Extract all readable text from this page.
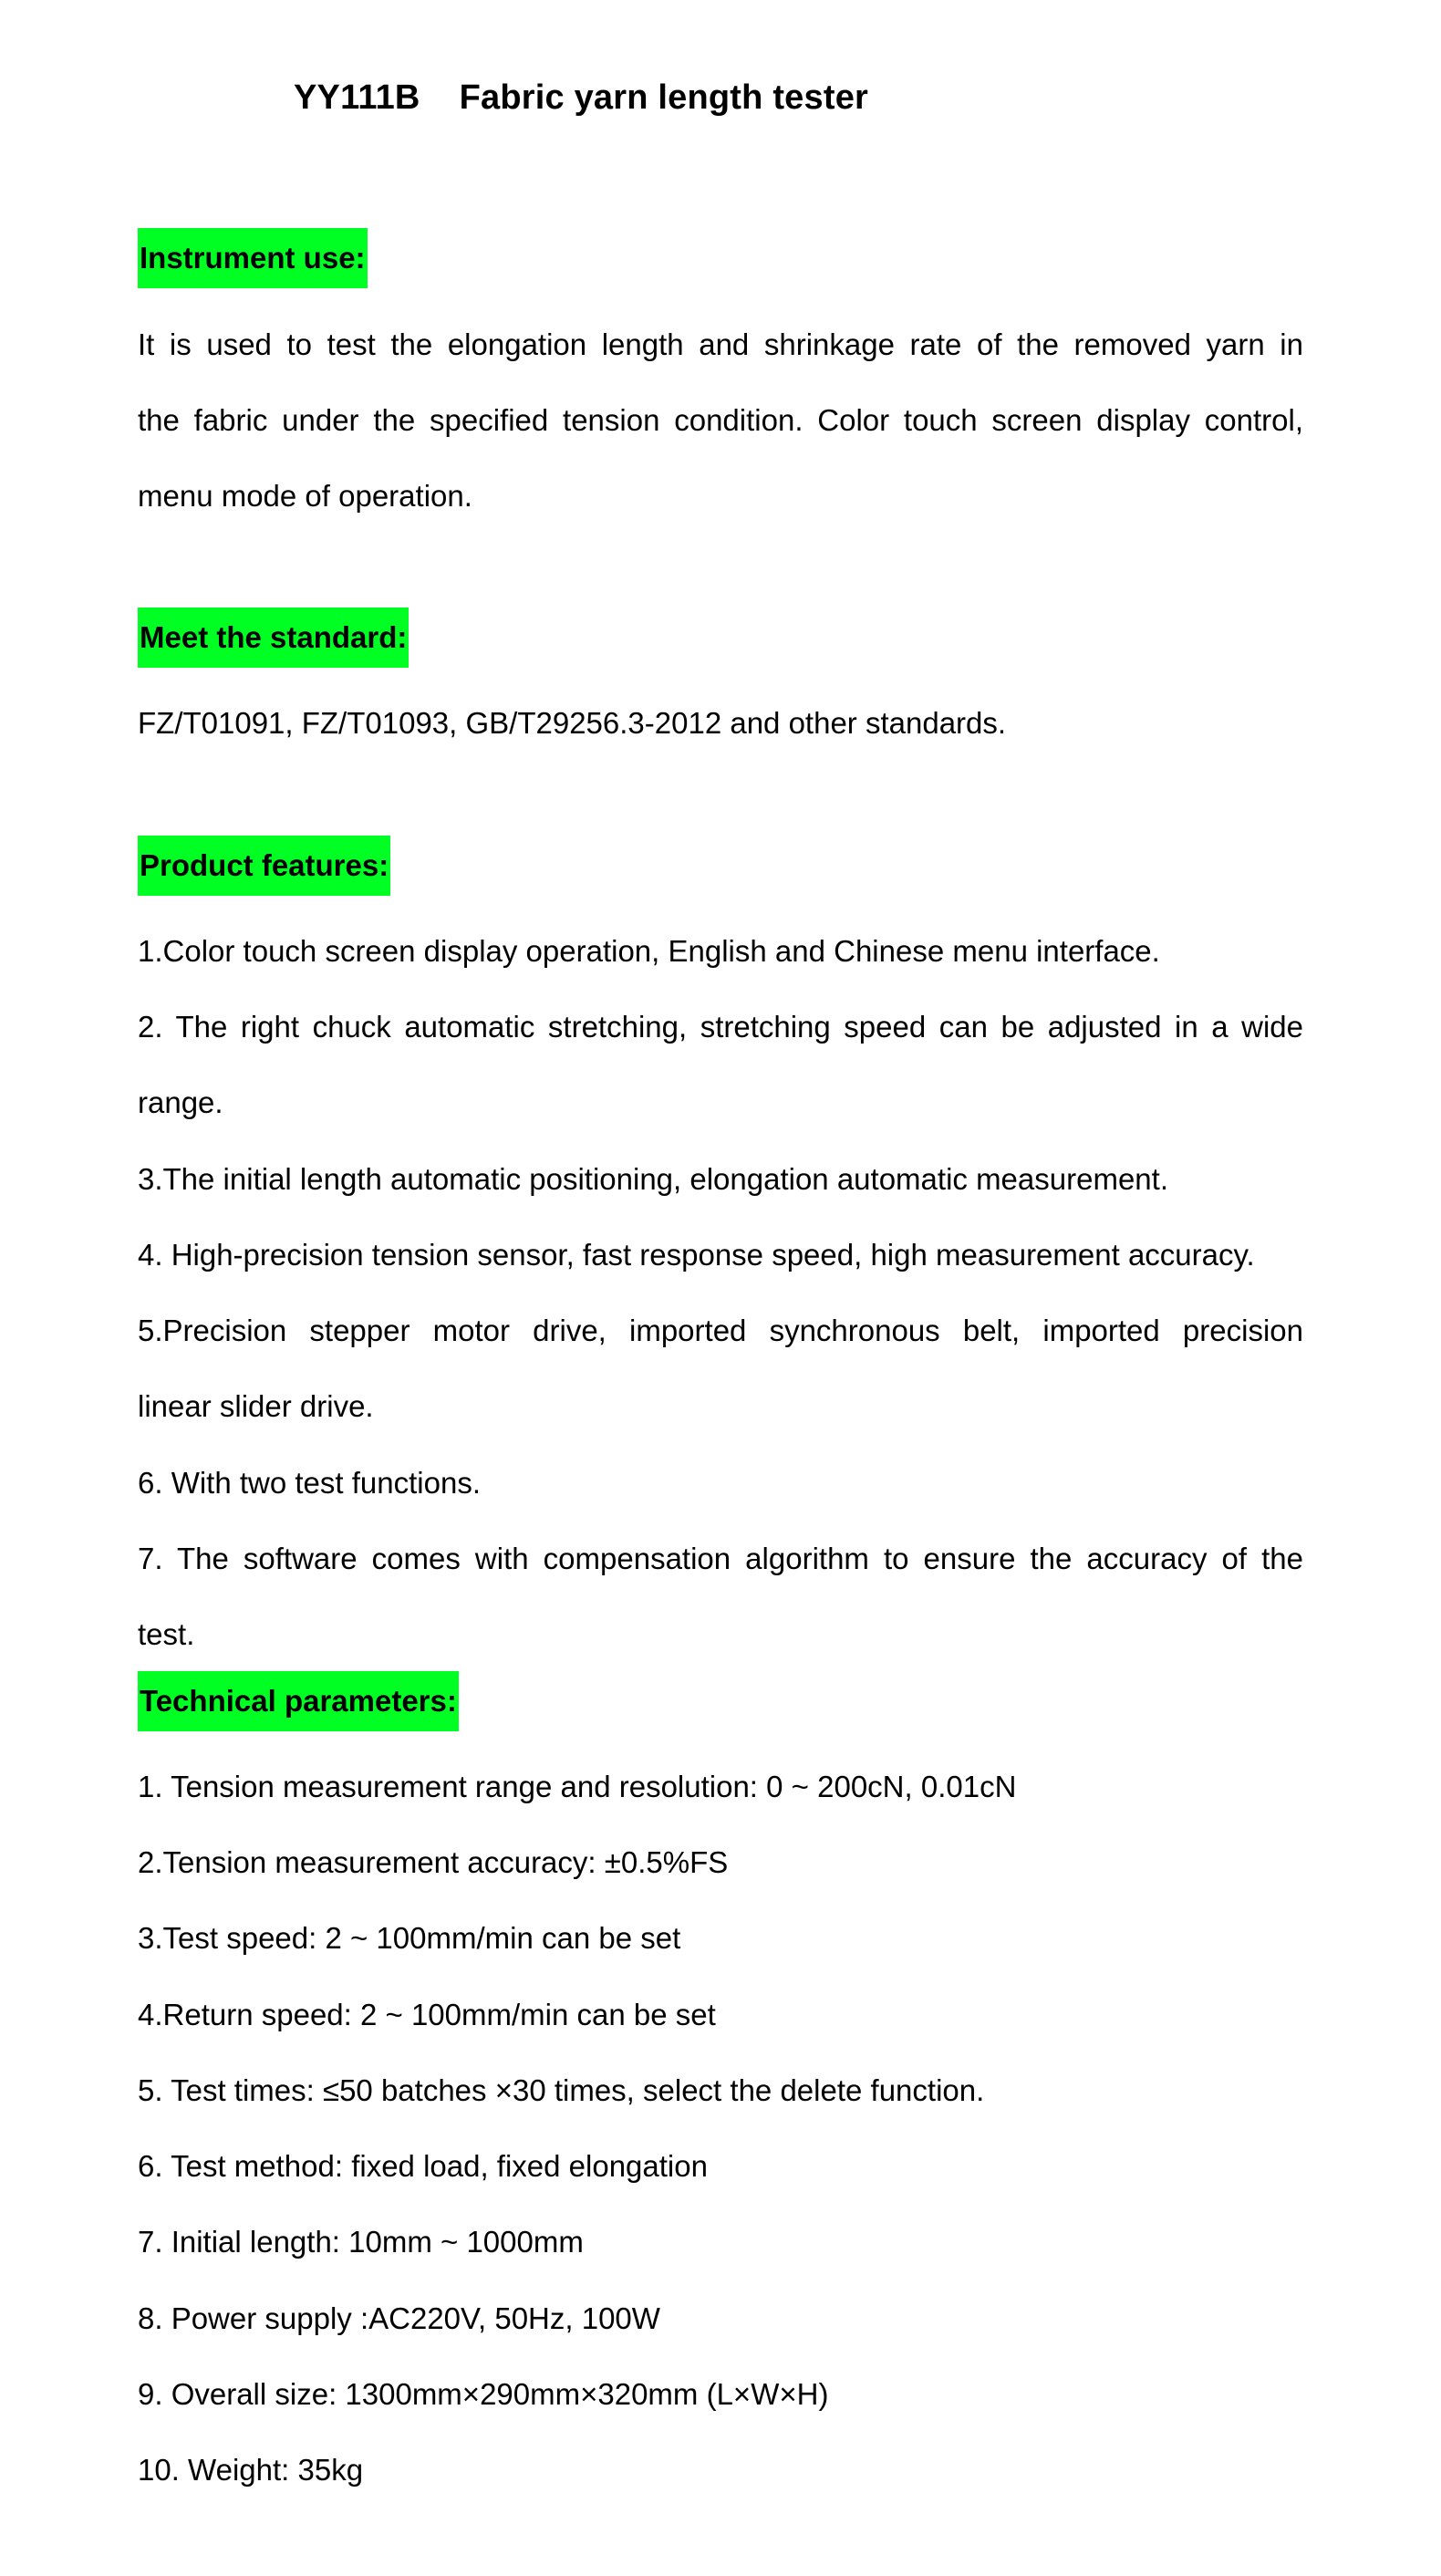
YY111B    Fabric yarn length tester
Instrument use:
It is used to test the elongation length and shrinkage rate of the removed yarn in
the fabric under the specified tension condition. Color touch screen display control,
menu mode of operation.
Meet the standard:
FZ/T01091, FZ/T01093, GB/T29256.3-2012 and other standards.
Product features:
1.Color touch screen display operation, English and Chinese menu interface.
2. The right chuck automatic stretching, stretching speed can be adjusted in a wide
range.
3.The initial length automatic positioning, elongation automatic measurement.
4. High-precision tension sensor, fast response speed, high measurement accuracy.
5.Precision stepper motor drive, imported synchronous belt, imported precision
linear slider drive.
6. With two test functions.
7. The software comes with compensation algorithm to ensure the accuracy of the
test.
Technical parameters:
1. Tension measurement range and resolution: 0 ~ 200cN, 0.01cN
2.Tension measurement accuracy: ±0.5%FS
3.Test speed: 2 ~ 100mm/min can be set
4.Return speed: 2 ~ 100mm/min can be set
5. Test times: ≤50 batches ×30 times, select the delete function.
6. Test method: fixed load, fixed elongation
7. Initial length: 10mm ~ 1000mm
8. Power supply :AC220V, 50Hz, 100W
9. Overall size: 1300mm×290mm×320mm (L×W×H)
10. Weight: 35kg
